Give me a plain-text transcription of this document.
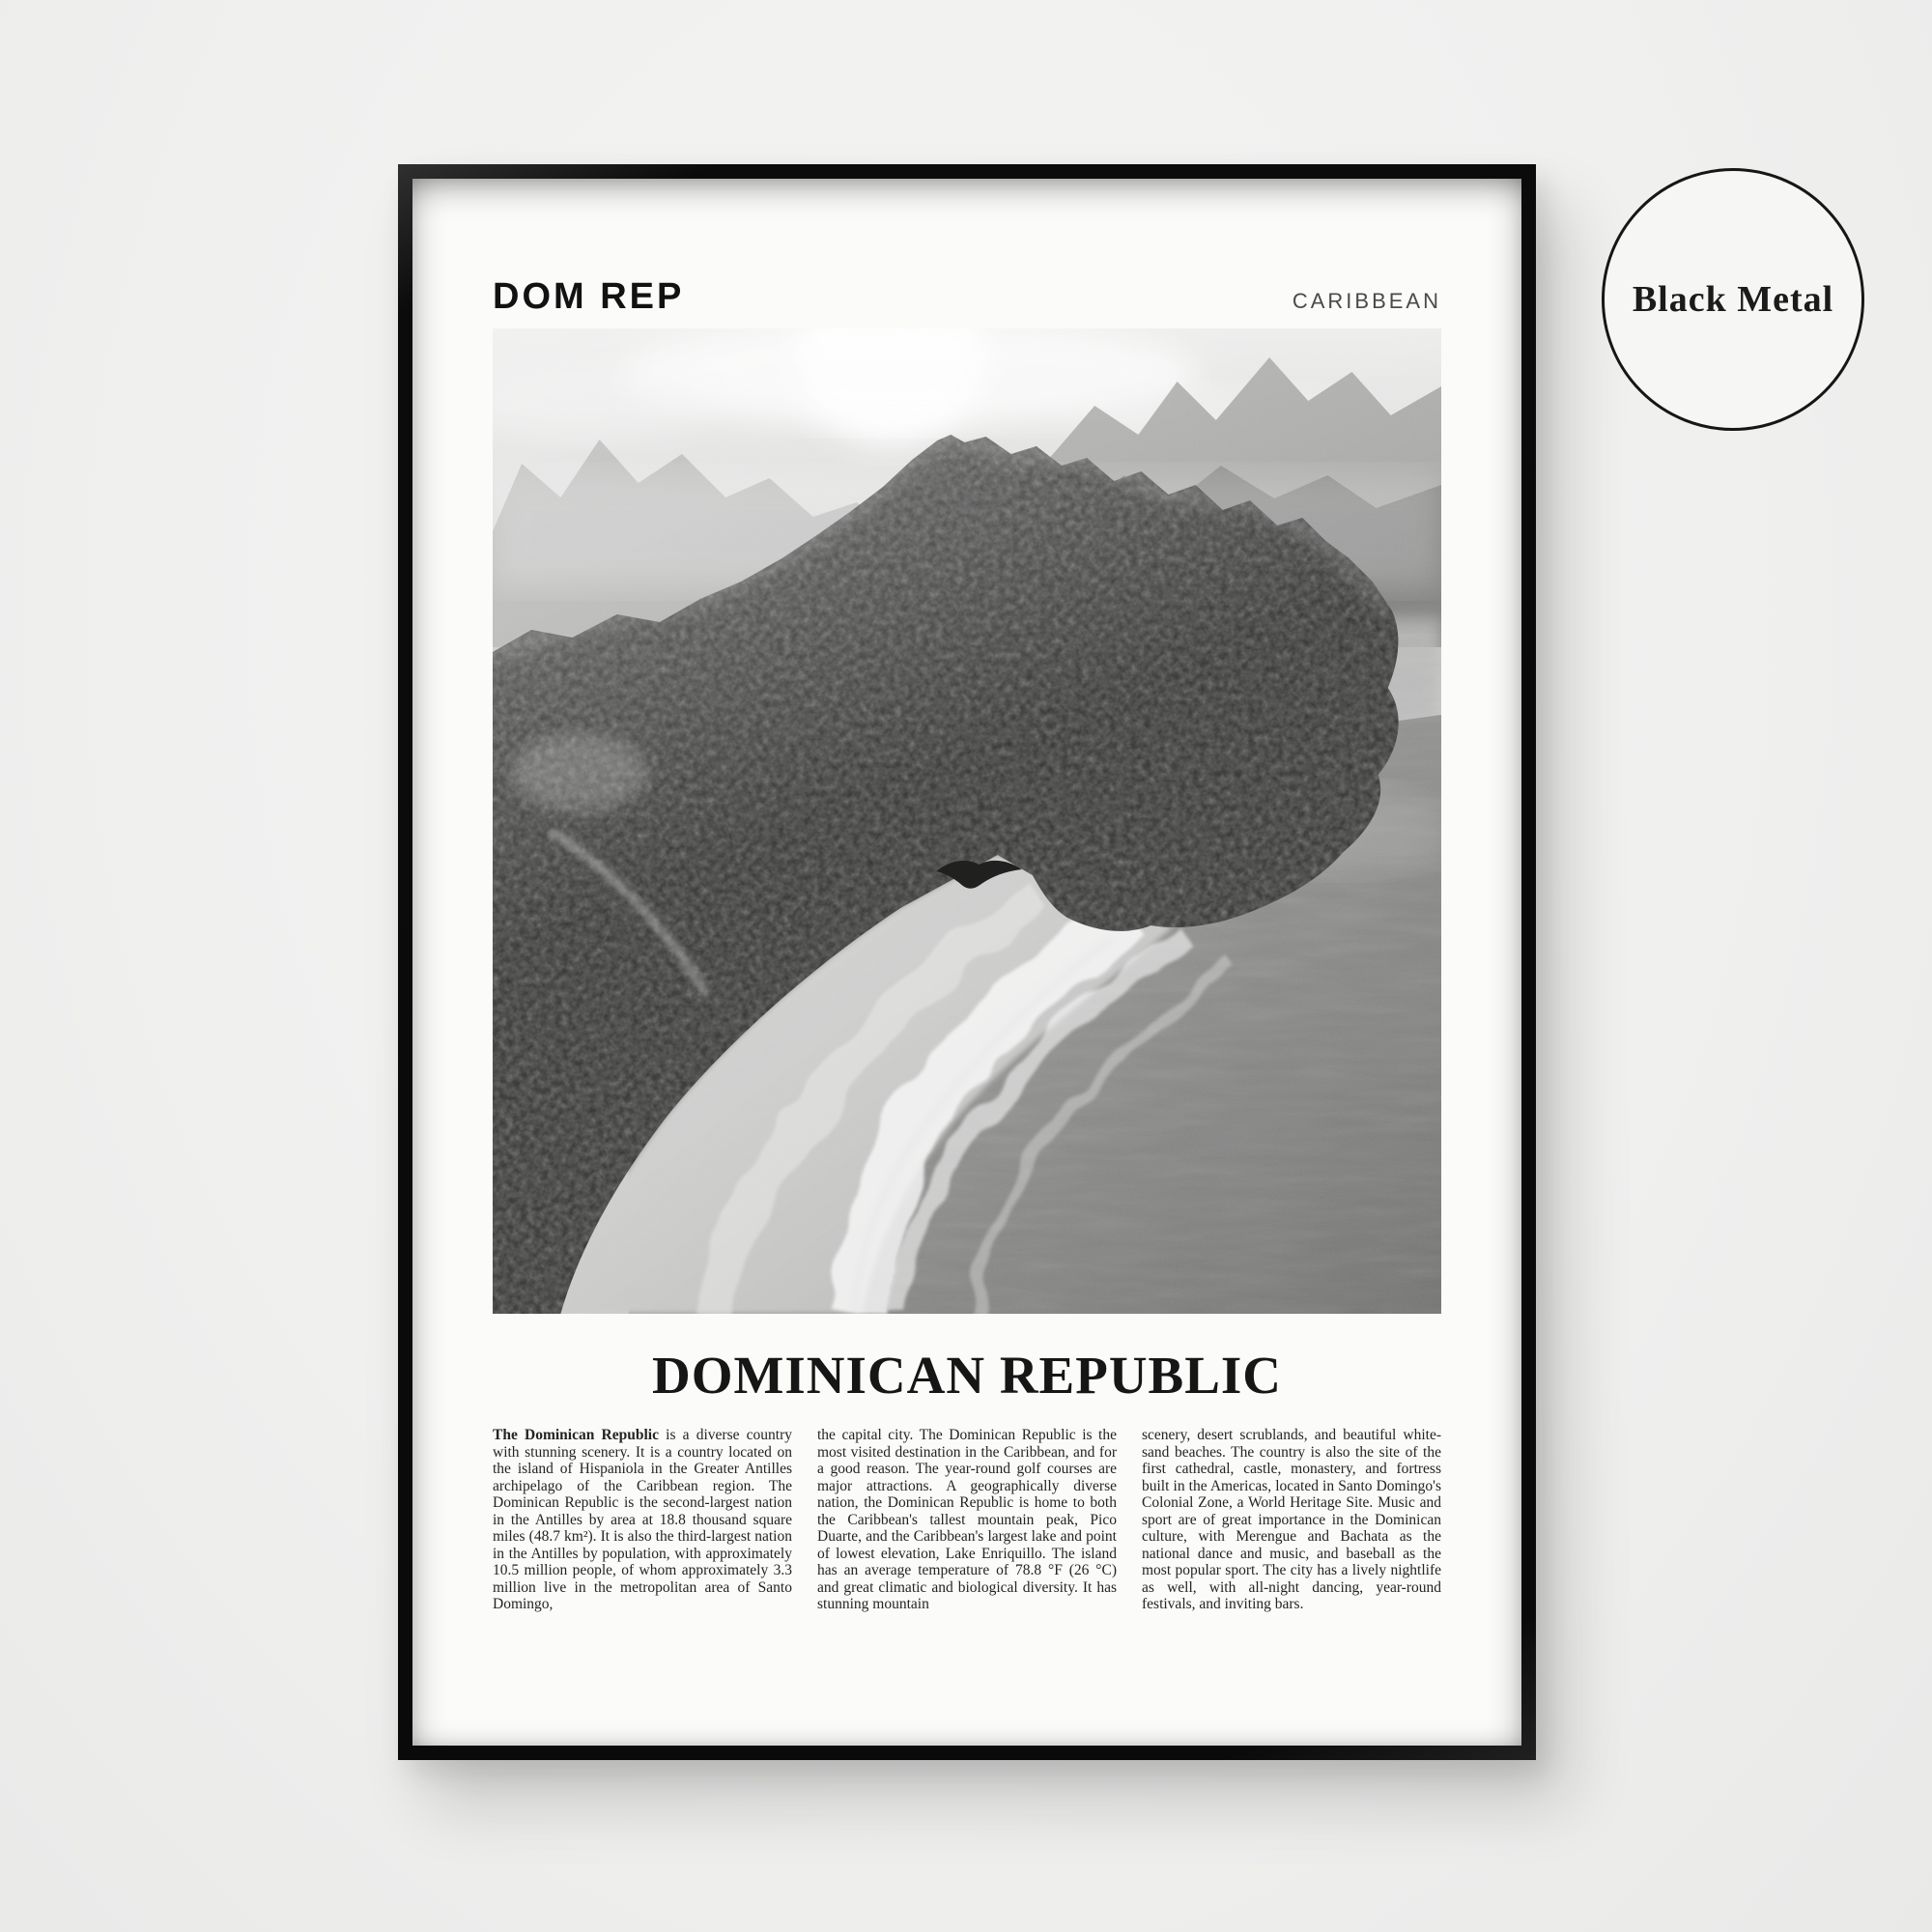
DOM REP	CARIBBEAN
DOMINICAN REPUBLIC

The Dominican Republic is a diverse country with stunning scenery. It is a country located on the island of Hispaniola in the Greater Antilles archipelago of the Caribbean region. The Dominican Republic is the second-largest nation in the Antilles by area at 18.8 thousand square miles (48.7 km²). It is also the third-largest nation in the Antilles by population, with approximately 10.5 million people, of whom approximately 3.3 million live in the metropolitan area of Santo Domingo,

the capital city. The Dominican Republic is the most visited destination in the Caribbean, and for a good reason. The year-round golf courses are major attractions. A geographically diverse nation, the Dominican Republic is home to both the Caribbean's tallest mountain peak, Pico Duarte, and the Caribbean's largest lake and point of lowest elevation, Lake Enriquillo. The island has an average temperature of 78.8 °F (26 °C) and great climatic and biological diversity. It has stunning mountain

scenery, desert scrublands, and beautiful white-sand beaches. The country is also the site of the first cathedral, castle, monastery, and fortress built in the Americas, located in Santo Domingo's Colonial Zone, a World Heritage Site. Music and sport are of great importance in the Dominican culture, with Merengue and Bachata as the national dance and music, and baseball as the most popular sport. The city has a lively nightlife as well, with all-night dancing, year-round festivals, and inviting bars.

Black Metal
